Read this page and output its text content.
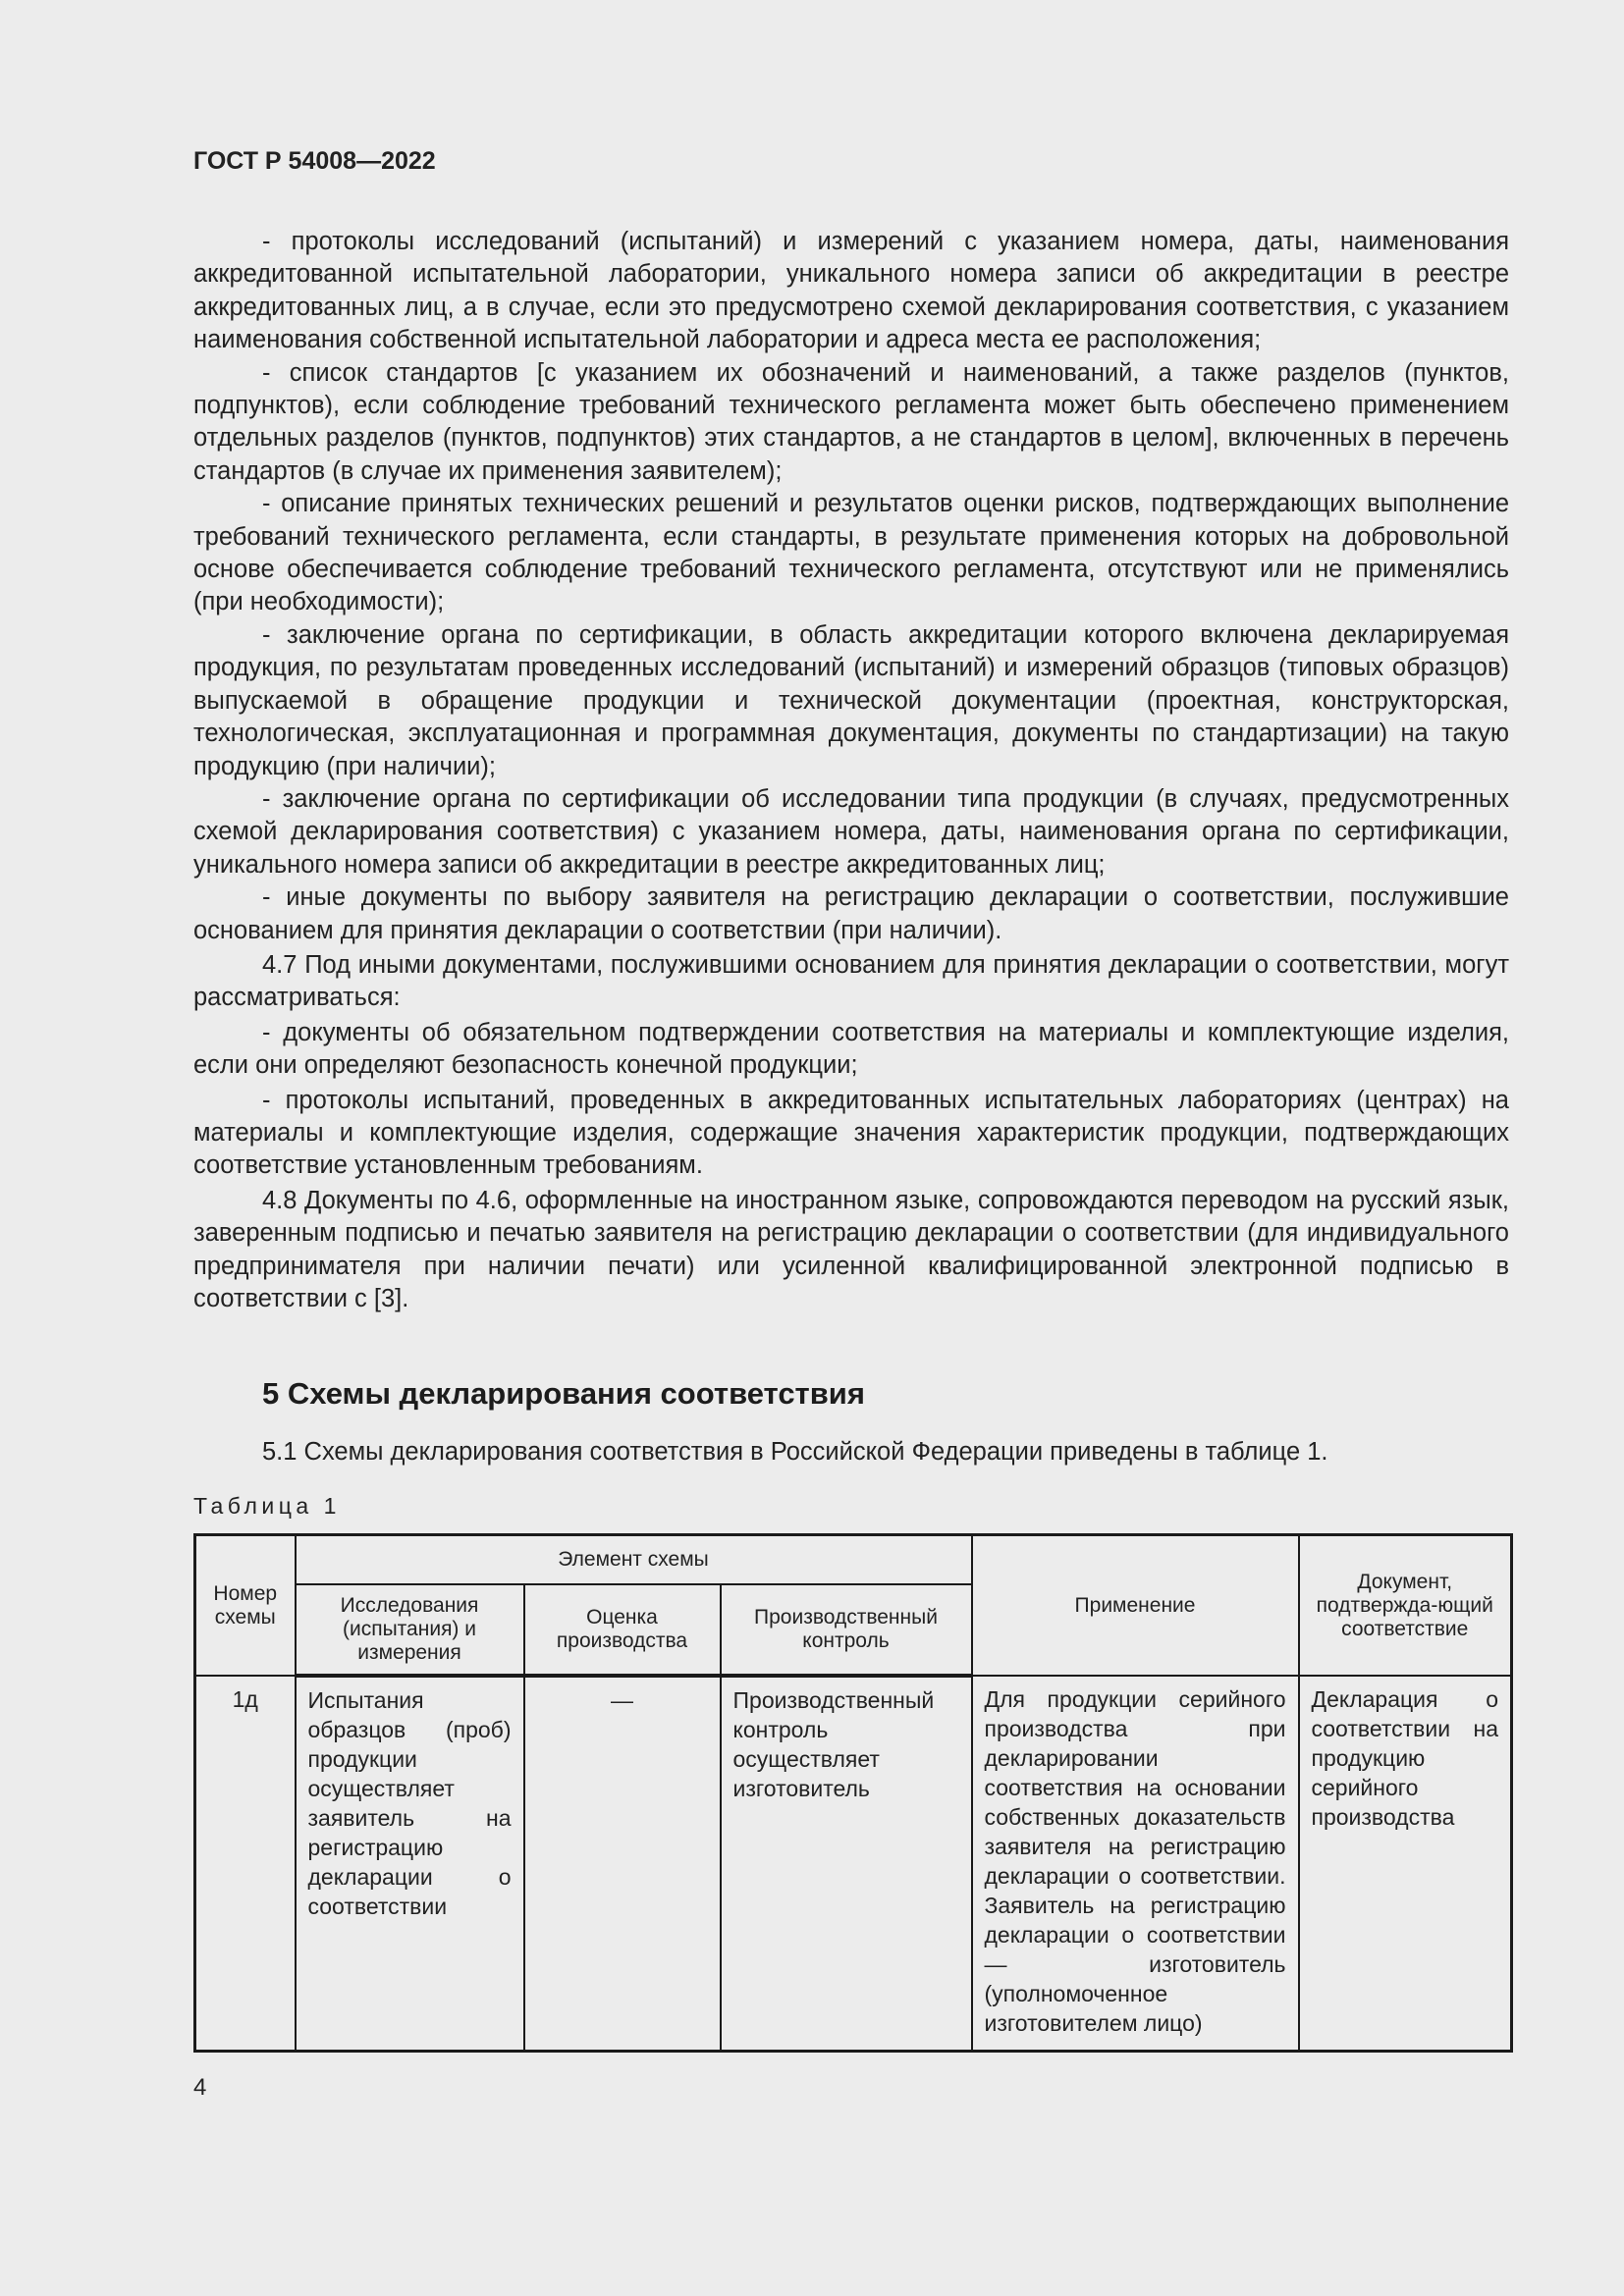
ГОСТ Р 54008—2022

- протоколы исследований (испытаний) и измерений с указанием номера, даты, наименования аккредитованной испытательной лаборатории, уникального номера записи об аккредитации в реестре аккредитованных лиц, а в случае, если это предусмотрено схемой декларирования соответствия, с указанием наименования собственной испытательной лаборатории и адреса места ее расположения;

- список стандартов [с указанием их обозначений и наименований, а также разделов (пунктов, подпунктов), если соблюдение требований технического регламента может быть обеспечено применением отдельных разделов (пунктов, подпунктов) этих стандартов, а не стандартов в целом], включенных в перечень стандартов (в случае их применения заявителем);

- описание принятых технических решений и результатов оценки рисков, подтверждающих выполнение требований технического регламента, если стандарты, в результате применения которых на добровольной основе обеспечивается соблюдение требований технического регламента, отсутствуют или не применялись (при необходимости);

- заключение органа по сертификации, в область аккредитации которого включена декларируемая продукция, по результатам проведенных исследований (испытаний) и измерений образцов (типовых образцов) выпускаемой в обращение продукции и технической документации (проектная, конструкторская, технологическая, эксплуатационная и программная документация, документы по стандартизации) на такую продукцию (при наличии);

- заключение органа по сертификации об исследовании типа продукции (в случаях, предусмотренных схемой декларирования соответствия) с указанием номера, даты, наименования органа по сертификации, уникального номера записи об аккредитации в реестре аккредитованных лиц;

- иные документы по выбору заявителя на регистрацию декларации о соответствии, послужившие основанием для принятия декларации о соответствии (при наличии).

4.7 Под иными документами, послужившими основанием для принятия декларации о соответствии, могут рассматриваться:

- документы об обязательном подтверждении соответствия на материалы и комплектующие изделия, если они определяют безопасность конечной продукции;

- протоколы испытаний, проведенных в аккредитованных испытательных лабораториях (центрах) на материалы и комплектующие изделия, содержащие значения характеристик продукции, подтверждающих соответствие установленным требованиям.

4.8 Документы по 4.6, оформленные на иностранном языке, сопровождаются переводом на русский язык, заверенным подписью и печатью заявителя на регистрацию декларации о соответствии (для индивидуального предпринимателя при наличии печати) или усиленной квалифицированной электронной подписью в соответствии с [3].

5 Схемы декларирования соответствия
5.1 Схемы декларирования соответствия в Российской Федерации приведены в таблице 1.
Таблица 1
Номер схемы	Элемент схемы			Применение	Документ, подтвержда-ющий соответствие
	Исследования (испытания) и измерения	Оценка производства	Производственный контроль		
1д	Испытания образцов (проб) продукции осуществляет заявитель на регистрацию декларации о соответствии	—	Производственный контроль осуществляет изготовитель	Для продукции серийного производства при декларировании соответствия на основании собственных доказательств заявителя на регистрацию декларации о соответствии. Заявитель на регистрацию декларации о соответствии — изготовитель (уполномоченное изготовителем лицо)	Декларация о соответствии на продукцию серийного производства
4
